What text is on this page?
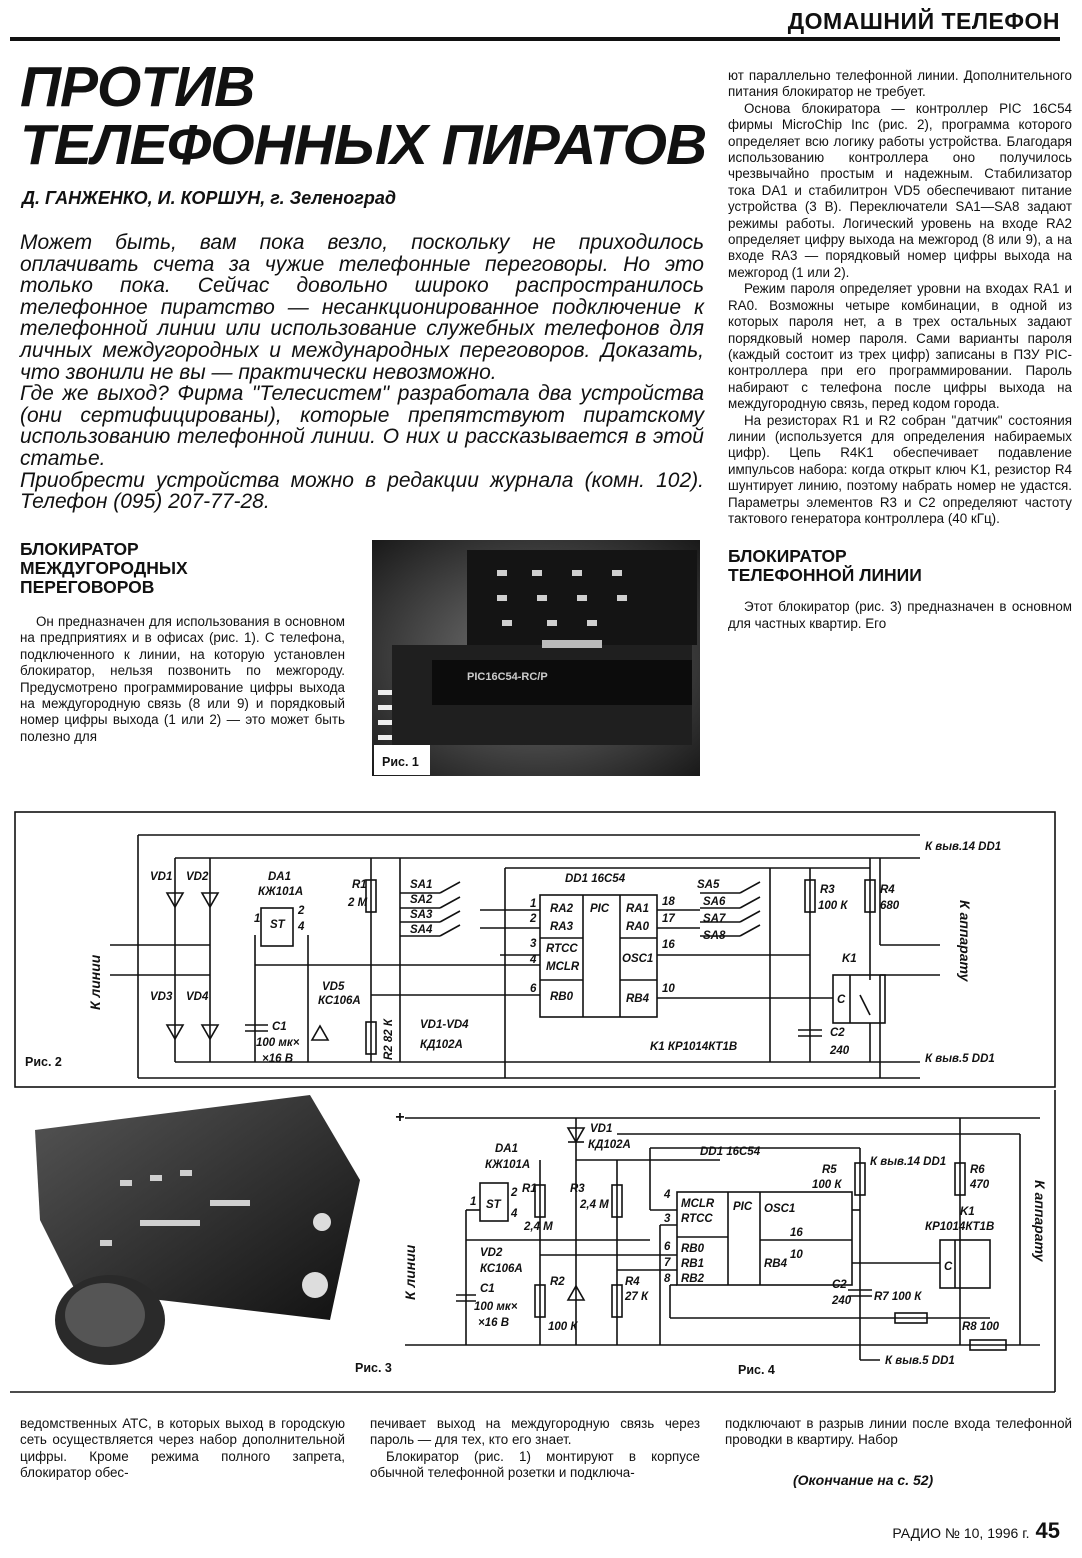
ДОМАШНИЙ ТЕЛЕФОН
ПРОТИВ
ТЕЛЕФОННЫХ ПИРАТОВ
Д. ГАНЖЕНКО, И. КОРШУН, г. Зеленоград

Может быть, вам пока везло, поскольку не приходилось оплачивать счета за чужие телефонные переговоры. Но это только пока. Сейчас довольно широко распространилось телефонное пиратство — несанкционированное подключение к телефонной линии или использование служебных телефонов для личных междугородных и международных переговоров. Доказать, что звонили не вы — практически невозможно.

Где же выход? Фирма "Телесистем" разработала два устройства (они сертифицированы), которые препятствуют пиратскому использованию телефонной линии. О них и рассказывается в этой статье.

Приобрести устройства можно в редакции журнала (комн. 102). Телефон (095) 207-77-28.

БЛОКИРАТОР
МЕЖДУГОРОДНЫХ
ПЕРЕГОВОРОВ

Он предназначен для использования в основном на предприятиях и в офисах (рис. 1). С телефона, подключенного к линии, на которую установлен блокиратор, нельзя позвонить по межгороду. Предусмотрено программирование цифры выхода на междугородную связь (8 или 9) и порядковый номер цифры выхода (1 или 2) — это может быть полезно для

PIC16C54-RC/P
Рис. 1

ют параллельно телефонной линии. Дополнительного питания блокиратор не требует.

Основа блокиратора — контроллер PIC 16C54 фирмы MicroChip Inc (рис. 2), программа которого определяет всю логику работы устройства. Благодаря использованию контроллера оно получилось чрезвычайно простым и надежным. Стабилизатор тока DA1 и стабилитрон VD5 обеспечивают питание устройства (3 В). Переключатели SA1—SA8 задают режимы работы. Логический уровень на входе RA2 определяет цифру выхода на межгород (8 или 9), а на входе RA3 — порядковый номер цифры выхода на межгород (1 или 2).

Режим пароля определяет уровни на входах RA1 и RA0. Возможны четыре комбинации, в одной из которых пароля нет, а в трех остальных задают порядковый номер пароля. Сами варианты пароля (каждый состоит из трех цифр) записаны в ПЗУ PIC-контроллера при его программировании. Пароль набирают с телефона после цифры выхода на междугородную связь, перед кодом города.

На резисторах R1 и R2 собран "датчик" состояния линии (используется для определения набираемых цифр). Цепь R4K1 обеспечивает подавление импульсов набора: когда открыт ключ K1, резистор R4 шунтирует линию, поэтому набрать номер не удастся. Параметры элементов R3 и C2 определяют частоту тактового генератора контроллера (40 кГц).

БЛОКИРАТОР
ТЕЛЕФОННОЙ ЛИНИИ

Этот блокиратор (рис. 3) предназначен в основном для частных квартир. Его

К выв.14 DD1
К выв.5 DD1
К линии
К аппарату
VD1 VD2
VD3 VD4
DA1
КЖ101А
ST
R1
2 М
R2 82 К
SA1
SA2
SA3
SA4
DD1 16C54
RA2
RA3
PIC RA1
RA0
RTCC
MCLR
OSC1
RB0	RB4
SA5
SA6
SA7
SA8
R3
100 К
R4
680
K1
C
VD5
КС106А
C1
100 мк×
×16 В
VD1-VD4
КД102А	K1 КР1014КТ1В
C2
240
1
2
3
4
6
18
17
16
10
1
2
4
Рис. 2
+
VD1
КД102А
DA1
КЖ101А
ST
R1
2,4 М
R3
2,4 М
DD1 16C54
MCLR
RTCC
PIC OSC1
RB0
RB1
RB2
RB4
R5
100 К
К выв.14 DD1
R6
470
K1
КР1014КТ1В
C
К линии
К аппарату
VD2
КС106А
C1
100 мк×
×16 В
R2
100 К
R4
27 К
C2
240 R7 100 К
R8 100
К выв.5 DD1
4
3
6
7
8
16
10
1
2
4
Рис. 4
Рис. 3

ведомственных АТС, в которых выход в городскую сеть осуществляется через набор дополнительной цифры. Кроме режима полного запрета, блокиратор обес-

печивает выход на междугородную связь через пароль — для тех, кто его знает.

Блокиратор (рис. 1) монтируют в корпусе обычной телефонной розетки и подключа-

подключают в разрыв линии после входа телефонной проводки в квартиру. Набор

(Окончание на с. 52)
РАДИО № 10, 1996 г. 45
